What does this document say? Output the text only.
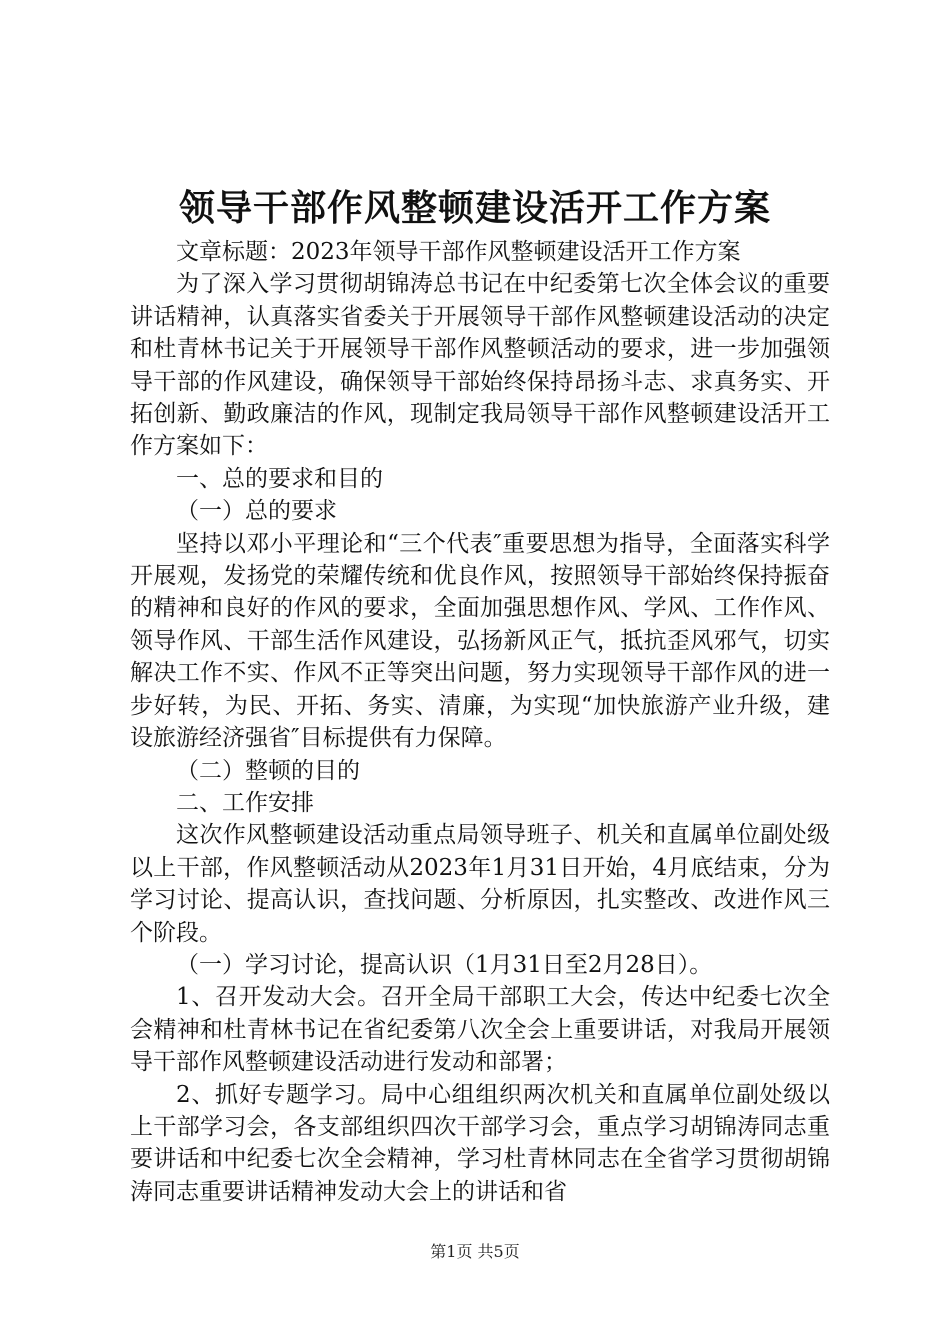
领导干部作风整顿建设活开工作方案

文章标题：2023年领导干部作风整顿建设活开工作方案

为了深入学习贯彻胡锦涛总书记在中纪委第七次全体会议的重要讲话精神，认真落实省委关于开展领导干部作风整顿建设活动的决定和杜青林书记关于开展领导干部作风整顿活动的要求，进一步加强领导干部的作风建设，确保领导干部始终保持昂扬斗志、求真务实、开拓创新、勤政廉洁的作风，现制定我局领导干部作风整顿建设活开工作方案如下：

一、总的要求和目的

（一）总的要求

坚持以邓小平理论和“三个代表″重要思想为指导，全面落实科学开展观，发扬党的荣耀传统和优良作风，按照领导干部始终保持振奋的精神和良好的作风的要求，全面加强思想作风、学风、工作作风、领导作风、干部生活作风建设，弘扬新风正气，抵抗歪风邪气，切实解决工作不实、作风不正等突出问题，努力实现领导干部作风的进一步好转，为民、开拓、务实、清廉，为实现“加快旅游产业升级，建设旅游经济强省″目标提供有力保障。

（二）整顿的目的

二、工作安排

这次作风整顿建设活动重点局领导班子、机关和直属单位副处级以上干部，作风整顿活动从2023年1月31日开始，4月底结束，分为学习讨论、提高认识，查找问题、分析原因，扎实整改、改进作风三个阶段。

（一）学习讨论，提高认识（1月31日至2月28日）。

1、召开发动大会。召开全局干部职工大会，传达中纪委七次全会精神和杜青林书记在省纪委第八次全会上重要讲话，对我局开展领导干部作风整顿建设活动进行发动和部署；

2、抓好专题学习。局中心组组织两次机关和直属单位副处级以上干部学习会，各支部组织四次干部学习会，重点学习胡锦涛同志重要讲话和中纪委七次全会精神，学习杜青林同志在全省学习贯彻胡锦涛同志重要讲话精神发动大会上的讲话和省

第1页 共5页
